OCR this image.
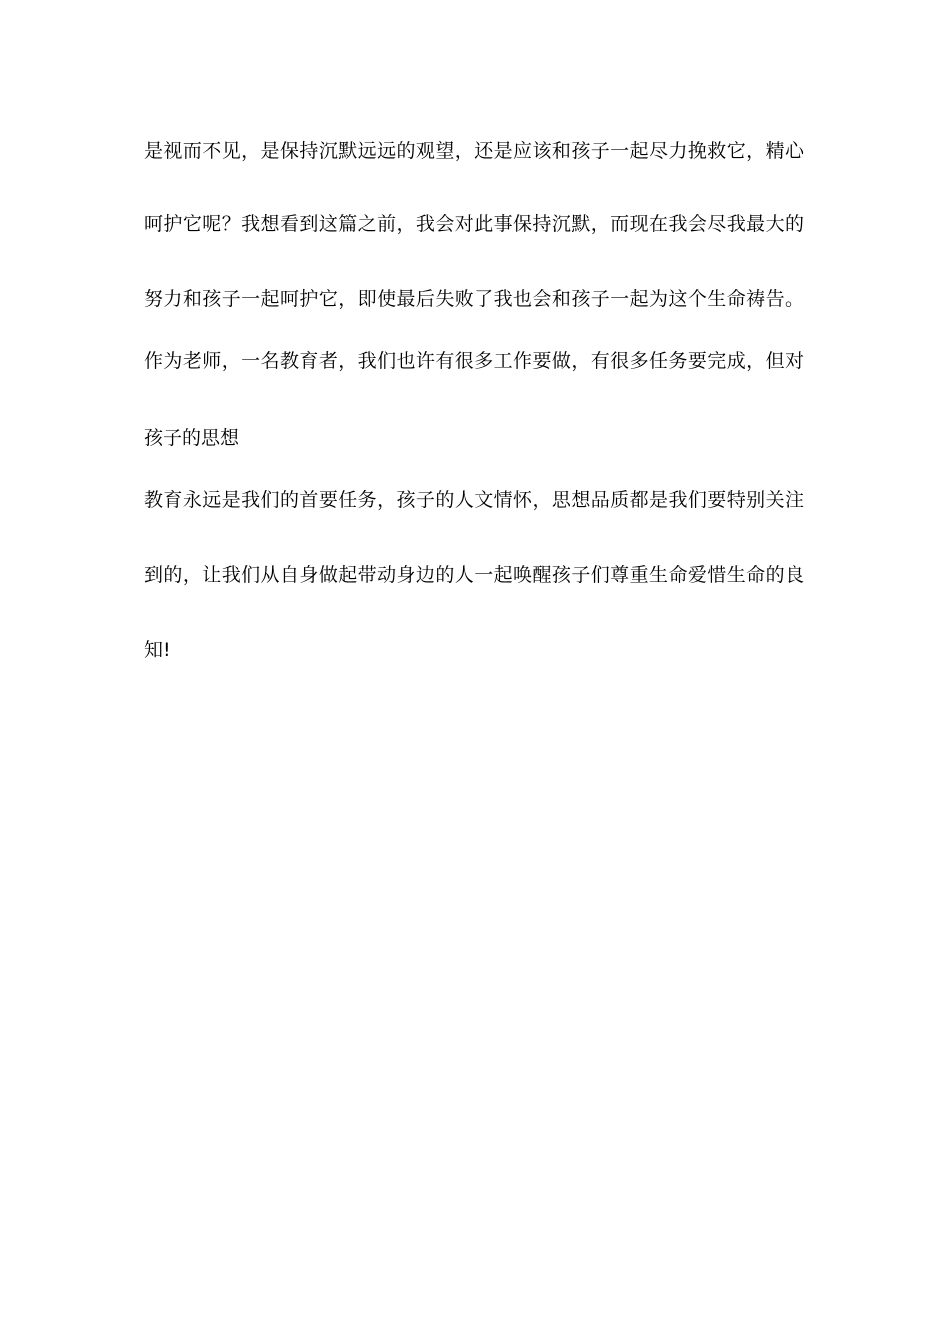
是视而不见，是保持沉默远远的观望，还是应该和孩子一起尽力挽救它，精心
呵护它呢？我想看到这篇之前，我会对此事保持沉默，而现在我会尽我最大的
努力和孩子一起呵护它，即使最后失败了我也会和孩子一起为这个生命祷告。
作为老师，一名教育者，我们也许有很多工作要做，有很多任务要完成，但对
孩子的思想
教育永远是我们的首要任务，孩子的人文情怀，思想品质都是我们要特别关注
到的，让我们从自身做起带动身边的人一起唤醒孩子们尊重生命爱惜生命的良
知!
